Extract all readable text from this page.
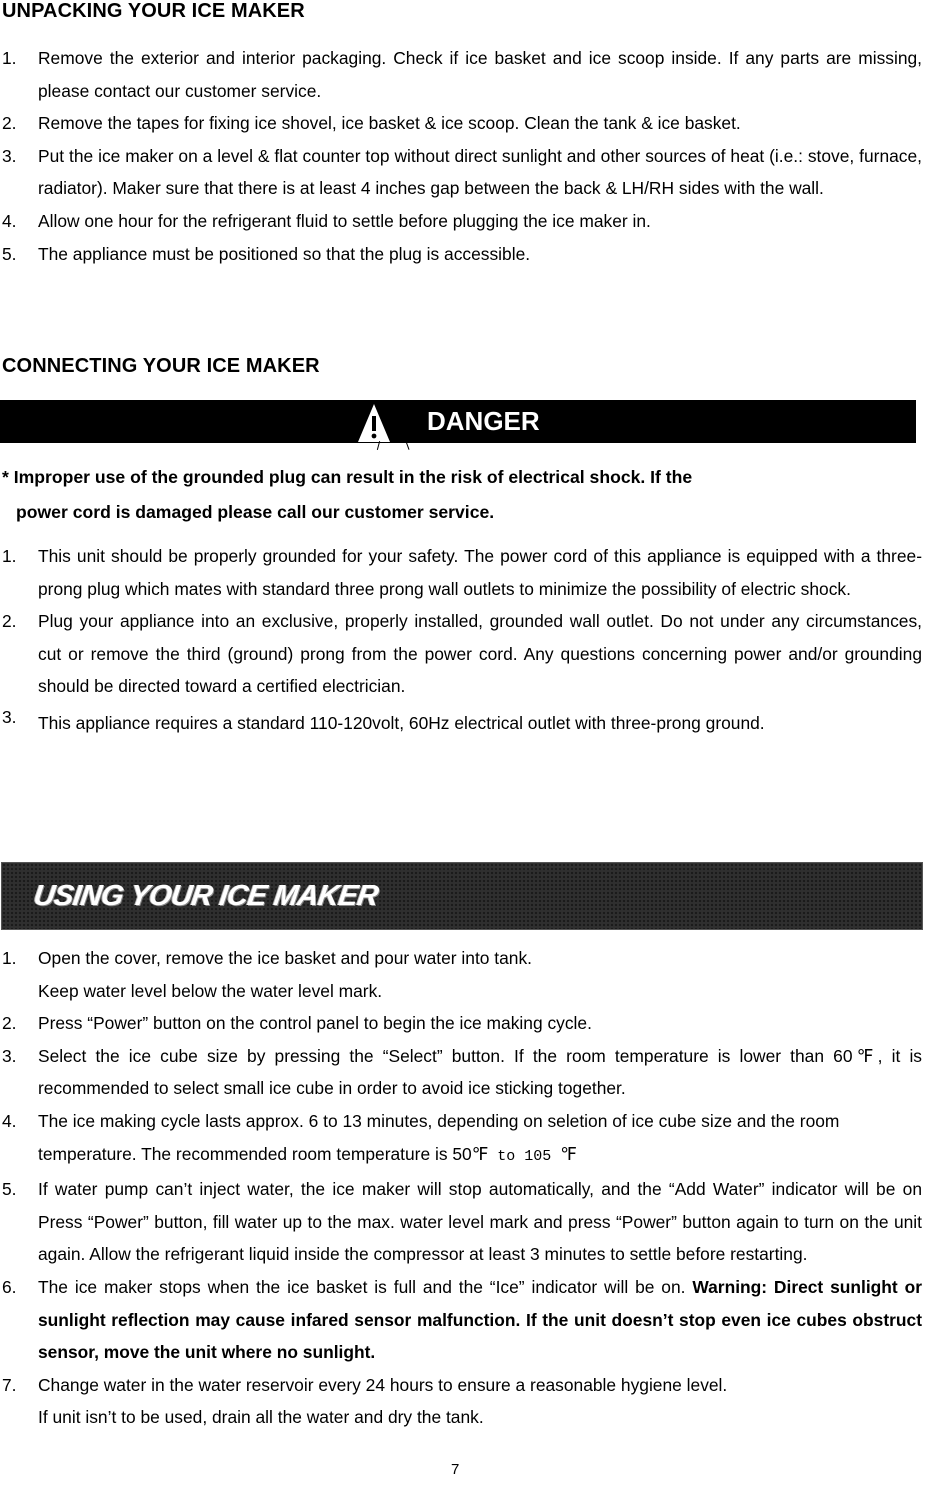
UNPACKING YOUR ICE MAKER
1. Remove the exterior and interior packaging. Check if ice basket and ice scoop inside. If any parts are missing, please contact our customer service.
2. Remove the tapes for fixing ice shovel, ice basket & ice scoop. Clean the tank & ice basket.
3. Put the ice maker on a level & flat counter top without direct sunlight and other sources of heat (i.e.: stove, furnace, radiator). Maker sure that there is at least 4 inches gap between the back & LH/RH sides with the wall.
4. Allow one hour for the refrigerant fluid to settle before plugging the ice maker in.
5. The appliance must be positioned so that the plug is accessible.
CONNECTING YOUR ICE MAKER
DANGER
* Improper use of the grounded plug can result in the risk of electrical shock. If the
power cord is damaged please call our customer service.
1. This unit should be properly grounded for your safety. The power cord of this appliance is equipped with a three-prong plug which mates with standard three prong wall outlets to minimize the possibility of electric shock.
2. Plug your appliance into an exclusive, properly installed, grounded wall outlet. Do not under any circumstances, cut or remove the third (ground) prong from the power cord. Any questions concerning power and/or grounding should be directed toward a certified electrician.
3. This appliance requires a standard 110-120volt, 60Hz electrical outlet with three-prong ground.
USING YOUR ICE MAKER
1. Open the cover, remove the ice basket and pour water into tank.
Keep water level below the water level mark.
2. Press “Power” button on the control panel to begin the ice making cycle.
3. Select the ice cube size by pressing the “Select” button. If the room temperature is lower than 60℉, it is recommended to select small ice cube in order to avoid ice sticking together.
4. The ice making cycle lasts approx. 6 to 13 minutes, depending on seletion of ice cube size and the room temperature. The recommended room temperature is 50℉ to 105 ℉
5. If water pump can’t inject water, the ice maker will stop automatically, and the “Add Water” indicator will be on Press “Power” button, fill water up to the max. water level mark and press “Power” button again to turn on the unit again. Allow the refrigerant liquid inside the compressor at least 3 minutes to settle before restarting.
6. The ice maker stops when the ice basket is full and the “Ice” indicator will be on. Warning: Direct sunlight or sunlight reflection may cause infared sensor malfunction. If the unit doesn’t stop even ice cubes obstruct sensor, move the unit where no sunlight.
7. Change water in the water reservoir every 24 hours to ensure a reasonable hygiene level.
If unit isn’t to be used, drain all the water and dry the tank.
7
